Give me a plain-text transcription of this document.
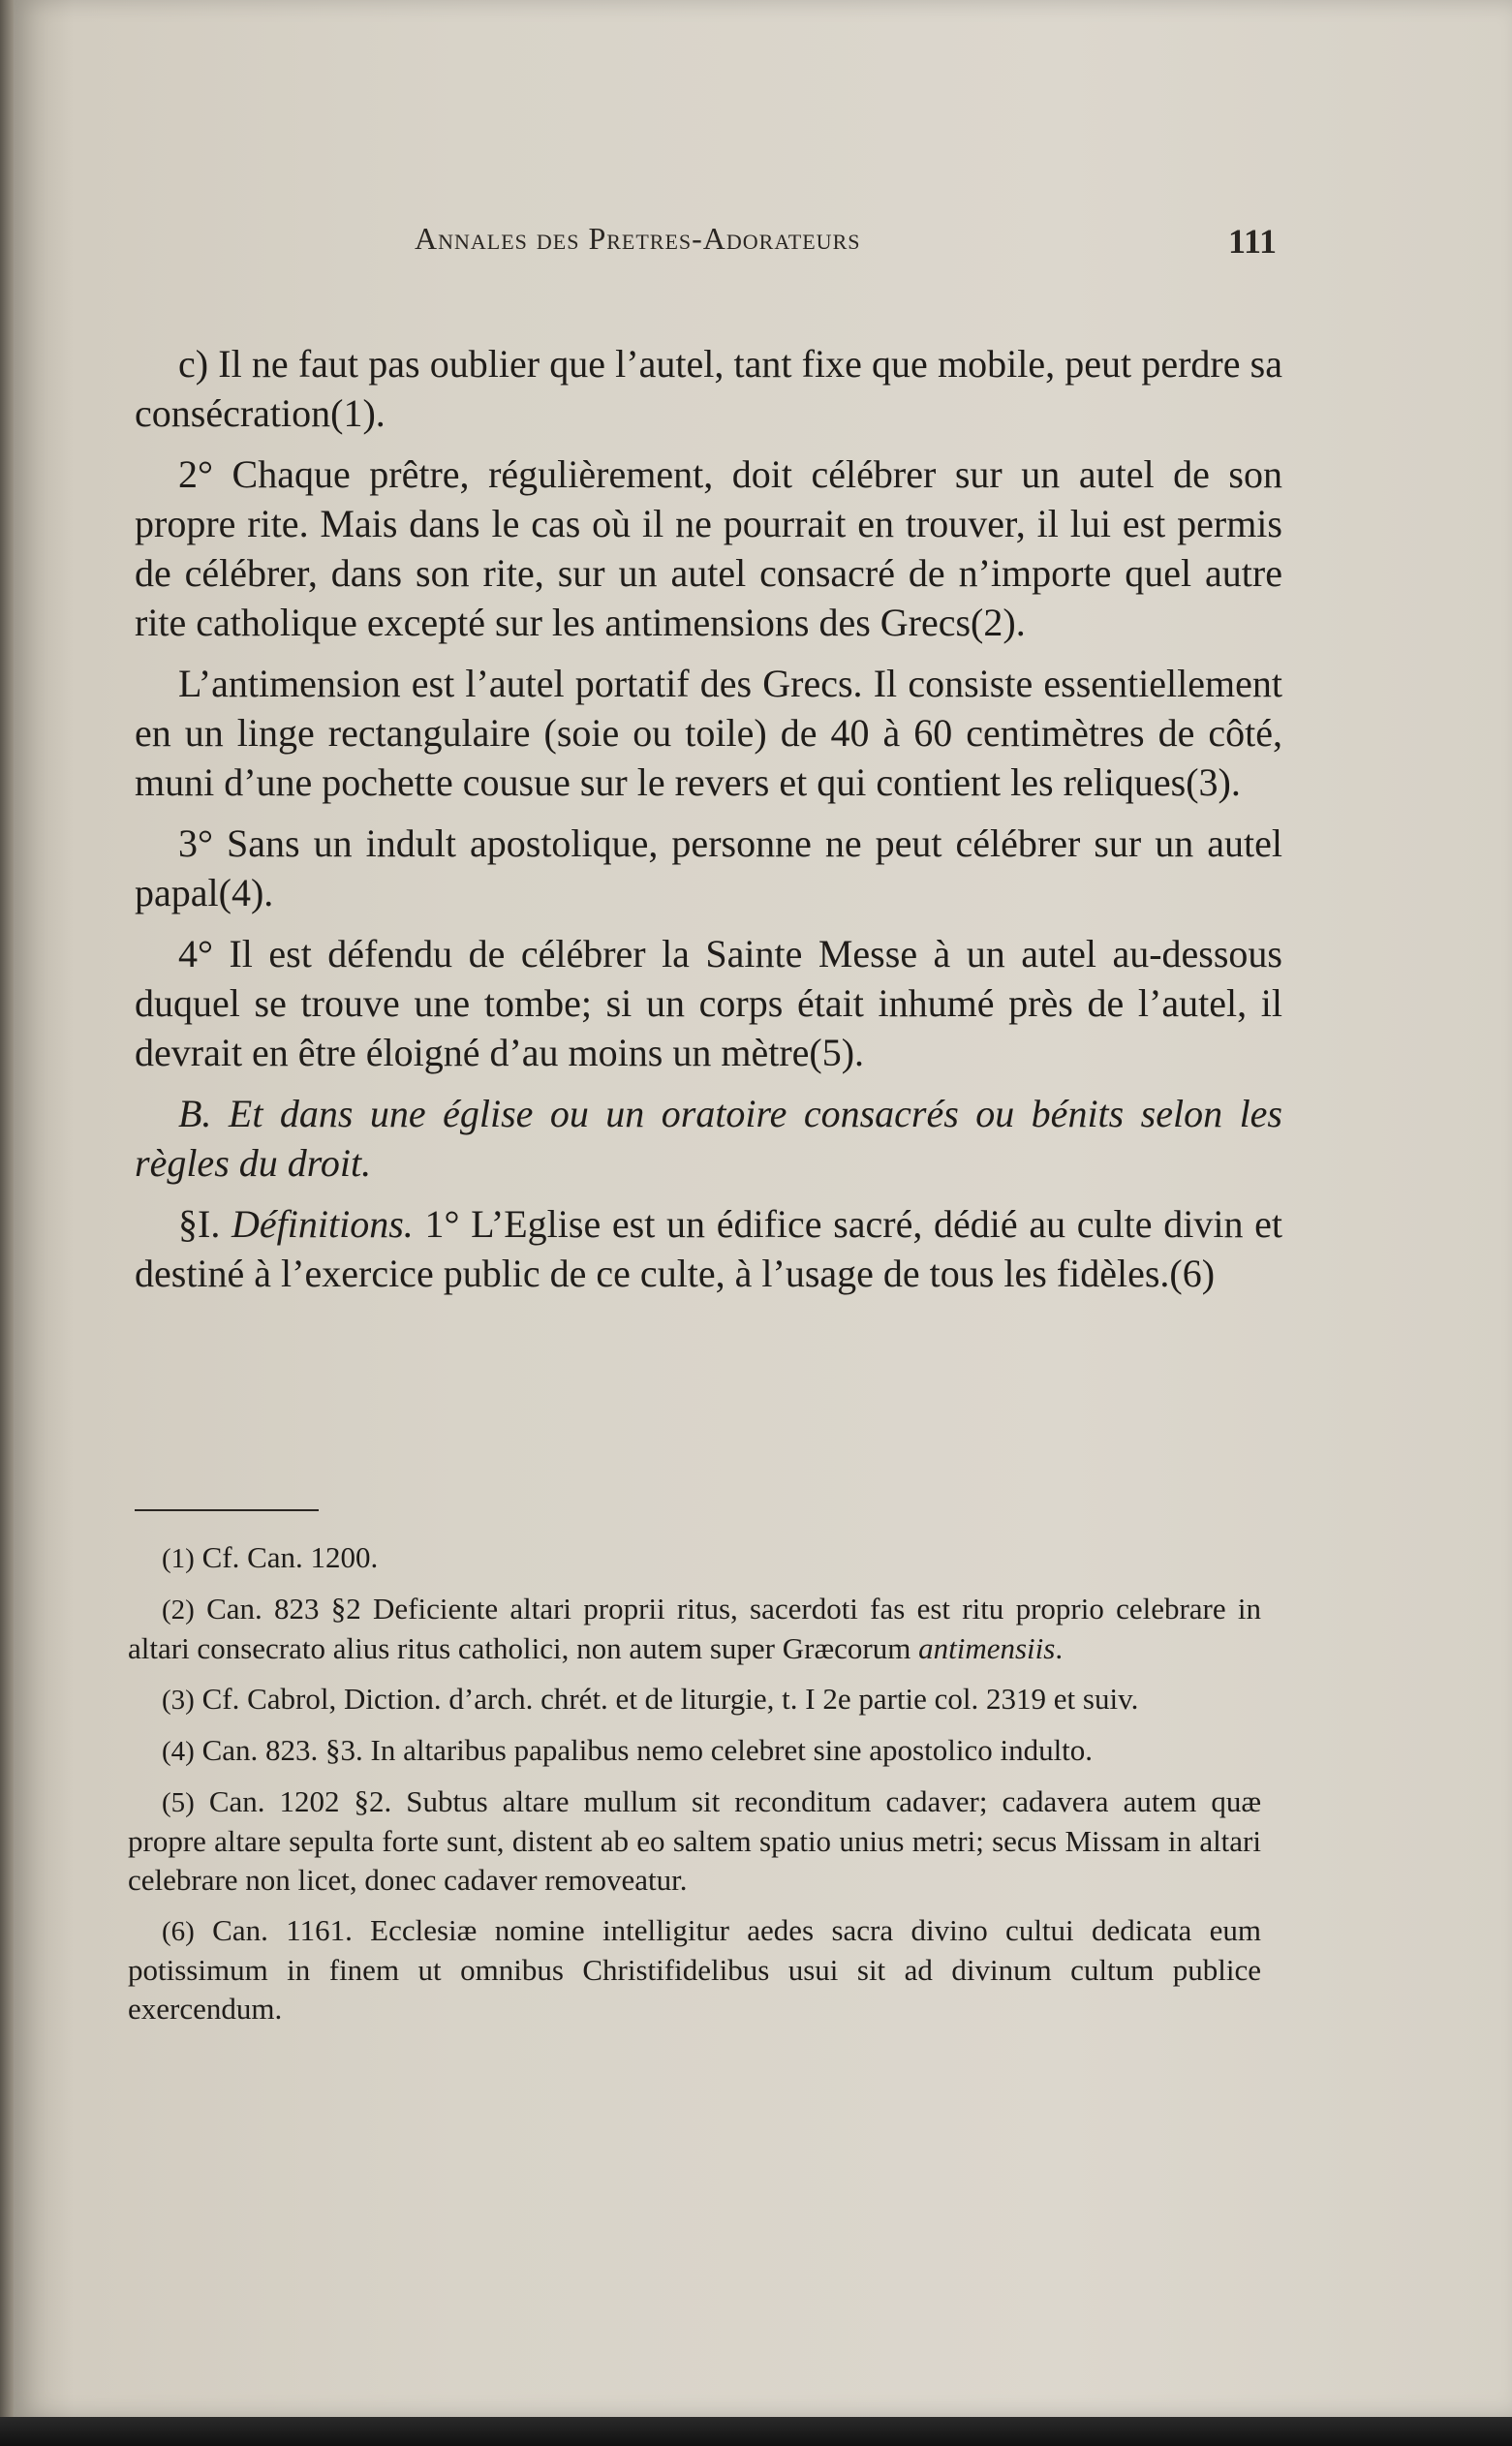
Annales des Pretres-Adorateurs	111

c) Il ne faut pas oublier que l’autel, tant fixe que mobile, peut perdre sa consécration(1).

2° Chaque prêtre, régulièrement, doit célébrer sur un autel de son propre rite. Mais dans le cas où il ne pourrait en trouver, il lui est permis de célébrer, dans son rite, sur un autel consacré de n’importe quel autre rite catholique excepté sur les antimensions des Grecs(2).

L’antimension est l’autel portatif des Grecs. Il consiste essentiellement en un linge rectangulaire (soie ou toile) de 40 à 60 centimètres de côté, muni d’une pochette cousue sur le revers et qui contient les reliques(3).

3° Sans un indult apostolique, personne ne peut célébrer sur un autel papal(4).

4° Il est défendu de célébrer la Sainte Messe à un autel au-dessous duquel se trouve une tombe; si un corps était inhumé près de l’autel, il devrait en être éloigné d’au moins un mètre(5).

B. Et dans une église ou un oratoire consacrés ou bénits selon les règles du droit.

§I. Définitions. 1° L’Eglise est un édifice sacré, dédié au culte divin et destiné à l’exercice public de ce culte, à l’usage de tous les fidèles.(6)

(1) Cf. Can. 1200.
(2) Can. 823 §2 Deficiente altari proprii ritus, sacerdoti fas est ritu proprio celebrare in altari consecrato alius ritus catholici, non autem super Græcorum antimensiis.
(3) Cf. Cabrol, Diction. d’arch. chrét. et de liturgie, t. I 2e partie col. 2319 et suiv.
(4) Can. 823. §3. In altaribus papalibus nemo celebret sine apostolico indulto.
(5) Can. 1202 §2. Subtus altare mullum sit reconditum cadaver; cadavera autem quæ propre altare sepulta forte sunt, distent ab eo saltem spatio unius metri; secus Missam in altari celebrare non licet, donec cadaver removeatur.
(6) Can. 1161. Ecclesiæ nomine intelligitur aedes sacra divino cultui dedicata eum potissimum in finem ut omnibus Christifidelibus usui sit ad divinum cultum publice exercendum.
